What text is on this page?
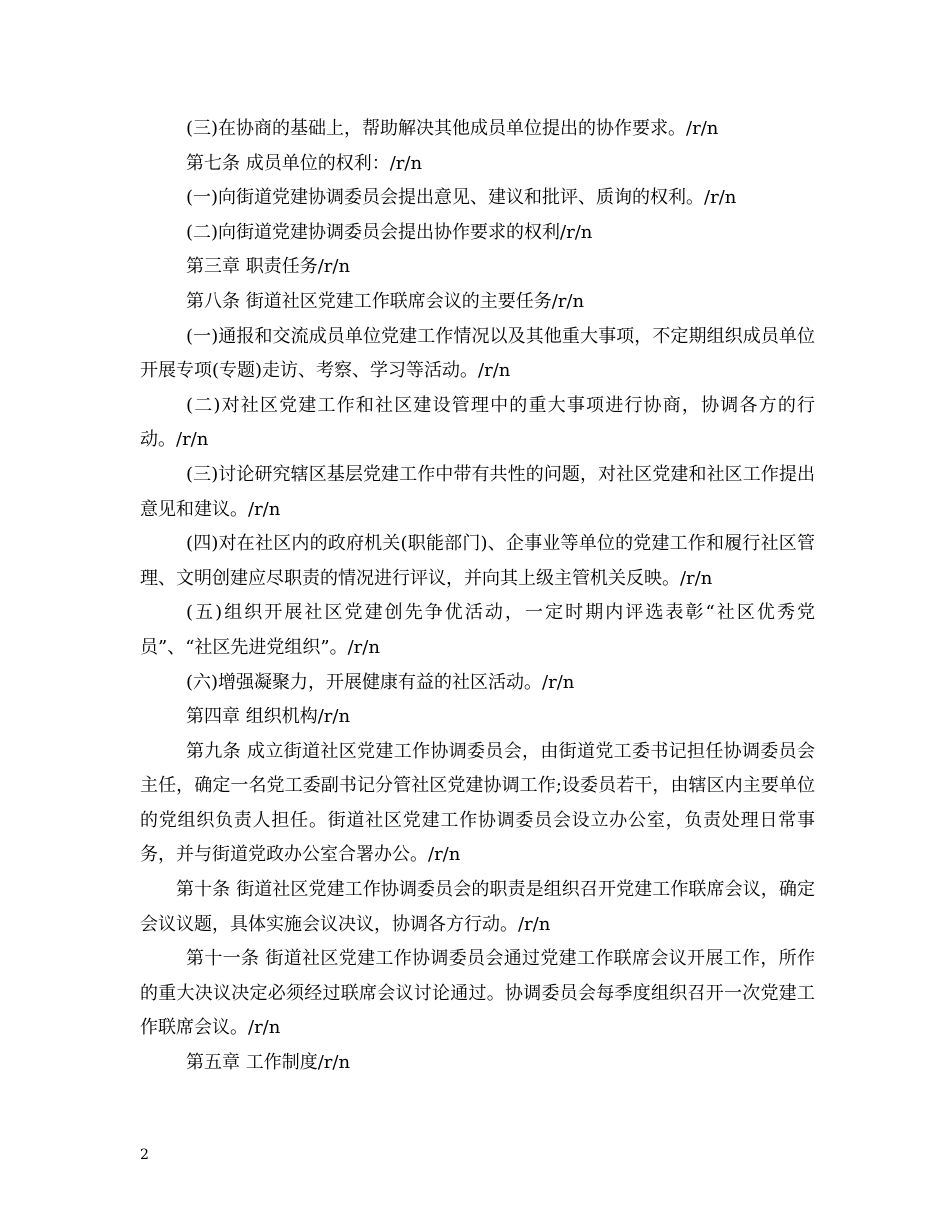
(三)在协商的基础上，帮助解决其他成员单位提出的协作要求。/r/n

第七条 成员单位的权利：/r/n

(一)向街道党建协调委员会提出意见、建议和批评、质询的权利。/r/n

(二)向街道党建协调委员会提出协作要求的权利/r/n

第三章 职责任务/r/n

第八条 街道社区党建工作联席会议的主要任务/r/n

(一)通报和交流成员单位党建工作情况以及其他重大事项，不定期组织成员单位开展专项(专题)走访、考察、学习等活动。/r/n

(二)对社区党建工作和社区建设管理中的重大事项进行协商，协调各方的行动。/r/n

(三)讨论研究辖区基层党建工作中带有共性的问题，对社区党建和社区工作提出意见和建议。/r/n

(四)对在社区内的政府机关(职能部门)、企事业等单位的党建工作和履行社区管理、文明创建应尽职责的情况进行评议，并向其上级主管机关反映。/r/n

(五)组织开展社区党建创先争优活动，一定时期内评选表彰“社区优秀党员”、“社区先进党组织”。/r/n

(六)增强凝聚力，开展健康有益的社区活动。/r/n

第四章 组织机构/r/n

第九条 成立街道社区党建工作协调委员会，由街道党工委书记担任协调委员会主任，确定一名党工委副书记分管社区党建协调工作;设委员若干，由辖区内主要单位的党组织负责人担任。街道社区党建工作协调委员会设立办公室，负责处理日常事务，并与街道党政办公室合署办公。/r/n

第十条 街道社区党建工作协调委员会的职责是组织召开党建工作联席会议，确定会议议题，具体实施会议决议，协调各方行动。/r/n

第十一条 街道社区党建工作协调委员会通过党建工作联席会议开展工作，所作的重大决议决定必须经过联席会议讨论通过。协调委员会每季度组织召开一次党建工作联席会议。/r/n

第五章 工作制度/r/n

2
